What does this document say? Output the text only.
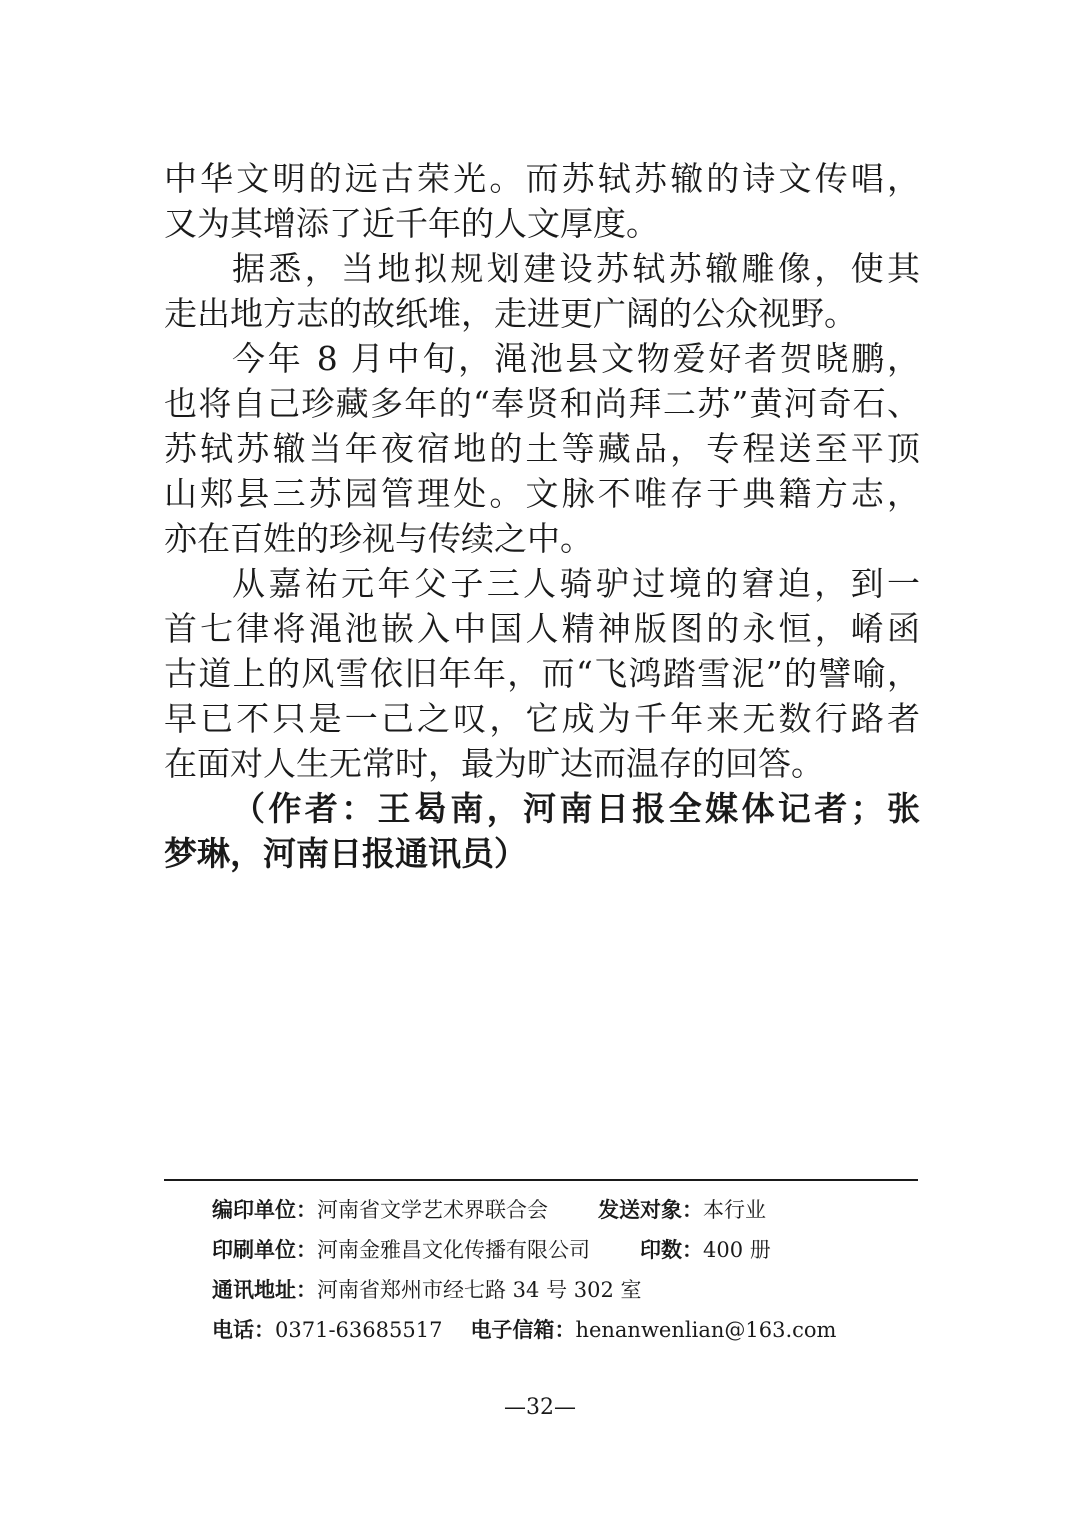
中华文明的远古荣光。而苏轼苏辙的诗文传唱，
又为其增添了近千年的人文厚度。
据悉，当地拟规划建设苏轼苏辙雕像，使其
走出地方志的故纸堆，走进更广阔的公众视野。
今年 8 月中旬，渑池县文物爱好者贺晓鹏，
也将自己珍藏多年的“奉贤和尚拜二苏”黄河奇石、
苏轼苏辙当年夜宿地的土等藏品，专程送至平顶
山郏县三苏园管理处。文脉不唯存于典籍方志，
亦在百姓的珍视与传续之中。
从嘉祐元年父子三人骑驴过境的窘迫，到一
首七律将渑池嵌入中国人精神版图的永恒，崤函
古道上的风雪依旧年年，而“飞鸿踏雪泥”的譬喻，
早已不只是一己之叹，它成为千年来无数行路者
在面对人生无常时，最为旷达而温存的回答。
（作者：王曷南，河南日报全媒体记者；张
梦琳，河南日报通讯员）
编印单位：河南省文学艺术界联合会 发送对象：本行业
印刷单位：河南金雅昌文化传播有限公司 印数：400 册
通讯地址：河南省郑州市经七路 34 号 302 室
电话：0371-63685517 电子信箱：henanwenlian@163.com
—32—
